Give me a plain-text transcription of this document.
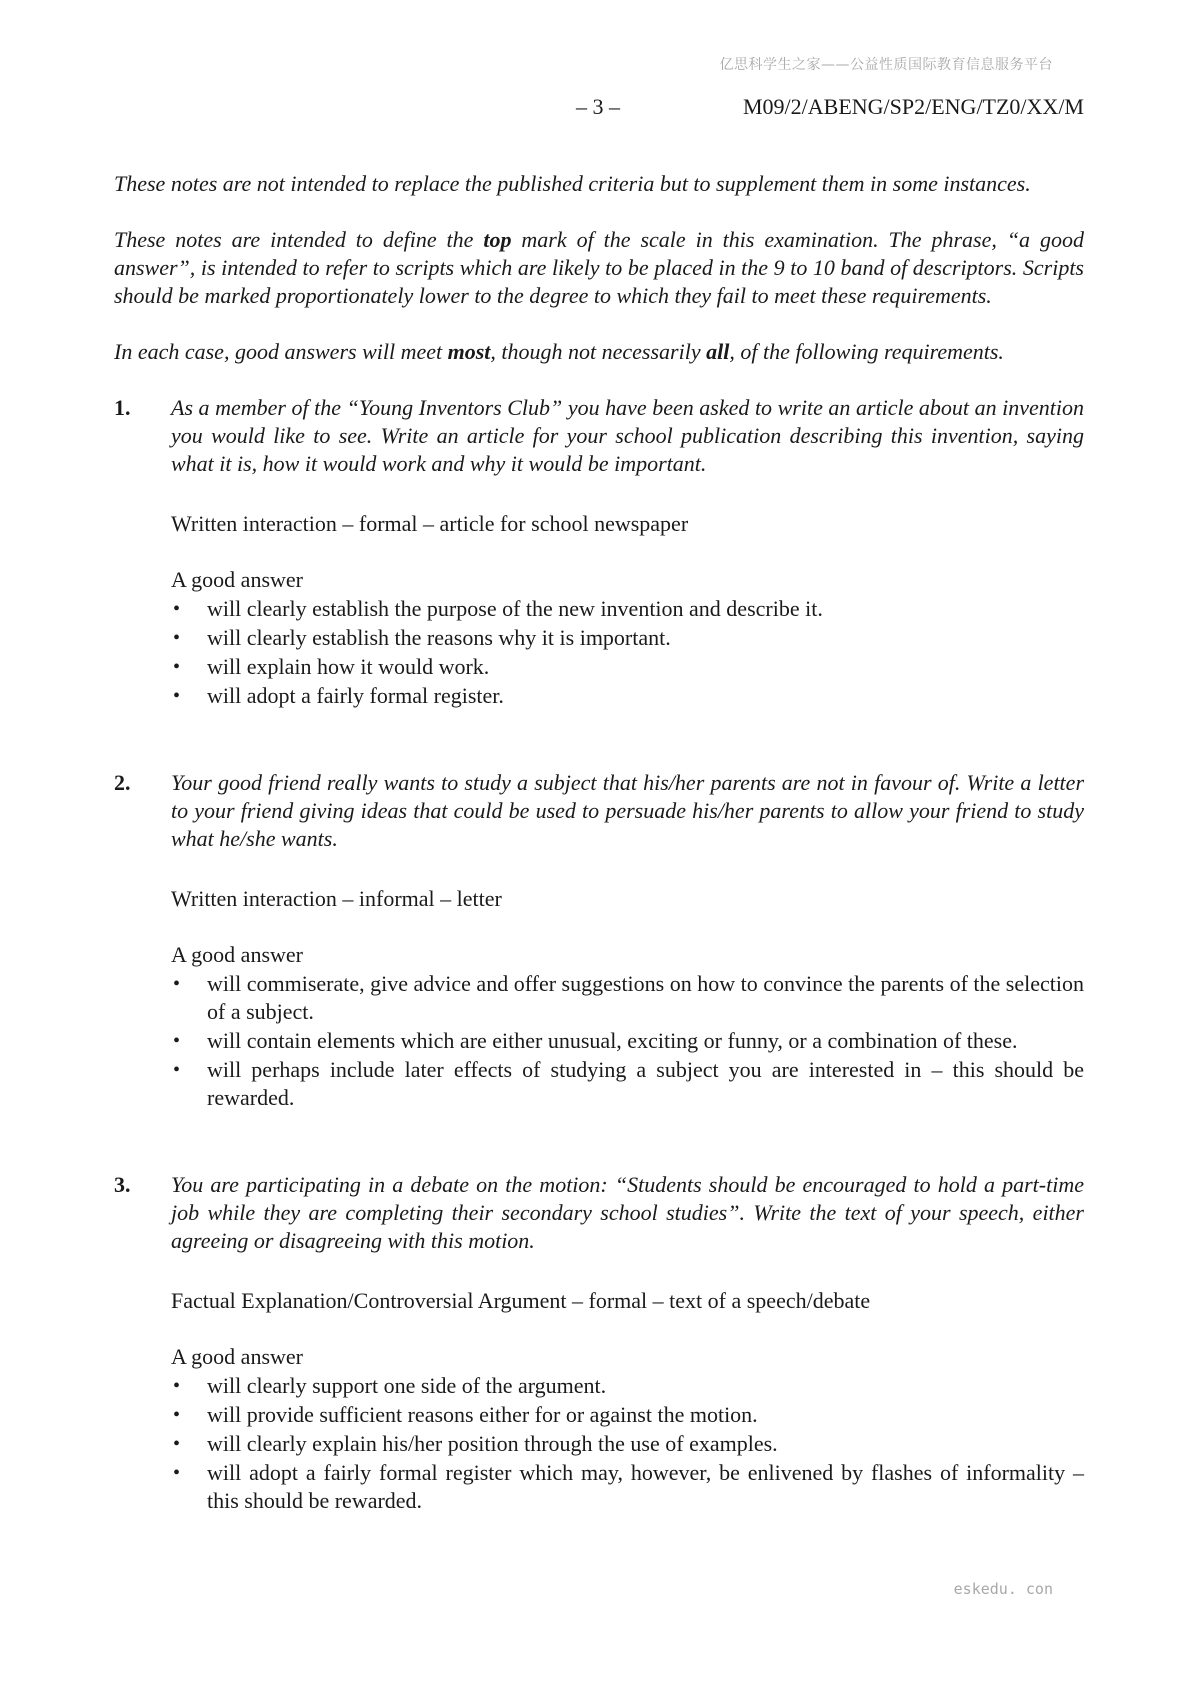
亿思科学生之家——公益性质国际教育信息服务平台
– 3 –	M09/2/ABENG/SP2/ENG/TZ0/XX/M

These notes are not intended to replace the published criteria but to supplement them in some instances.

These notes are intended to define the top mark of the scale in this examination. The phrase, “a good answer”, is intended to refer to scripts which are likely to be placed in the 9 to 10 band of descriptors. Scripts should be marked proportionately lower to the degree to which they fail to meet these requirements.

In each case, good answers will meet most, though not necessarily all, of the following requirements.

1. As a member of the “Young Inventors Club” you have been asked to write an article about an invention you would like to see. Write an article for your school publication describing this invention, saying what it is, how it would work and why it would be important.

Written interaction – formal – article for school newspaper

A good answer

• will clearly establish the purpose of the new invention and describe it.
• will clearly establish the reasons why it is important.
• will explain how it would work.
• will adopt a fairly formal register.
2. Your good friend really wants to study a subject that his/her parents are not in favour of. Write a letter to your friend giving ideas that could be used to persuade his/her parents to allow your friend to study what he/she wants.

Written interaction – informal – letter

A good answer

• will commiserate, give advice and offer suggestions on how to convince the parents of the selection of a subject.
• will contain elements which are either unusual, exciting or funny, or a combination of these.
• will perhaps include later effects of studying a subject you are interested in – this should be rewarded.
3. You are participating in a debate on the motion: “Students should be encouraged to hold a part-time job while they are completing their secondary school studies”. Write the text of your speech, either agreeing or disagreeing with this motion.

Factual Explanation/Controversial Argument – formal – text of a speech/debate

A good answer

• will clearly support one side of the argument.
• will provide sufficient reasons either for or against the motion.
• will clearly explain his/her position through the use of examples.
• will adopt a fairly formal register which may, however, be enlivened by flashes of informality – this should be rewarded.
eskedu. con
